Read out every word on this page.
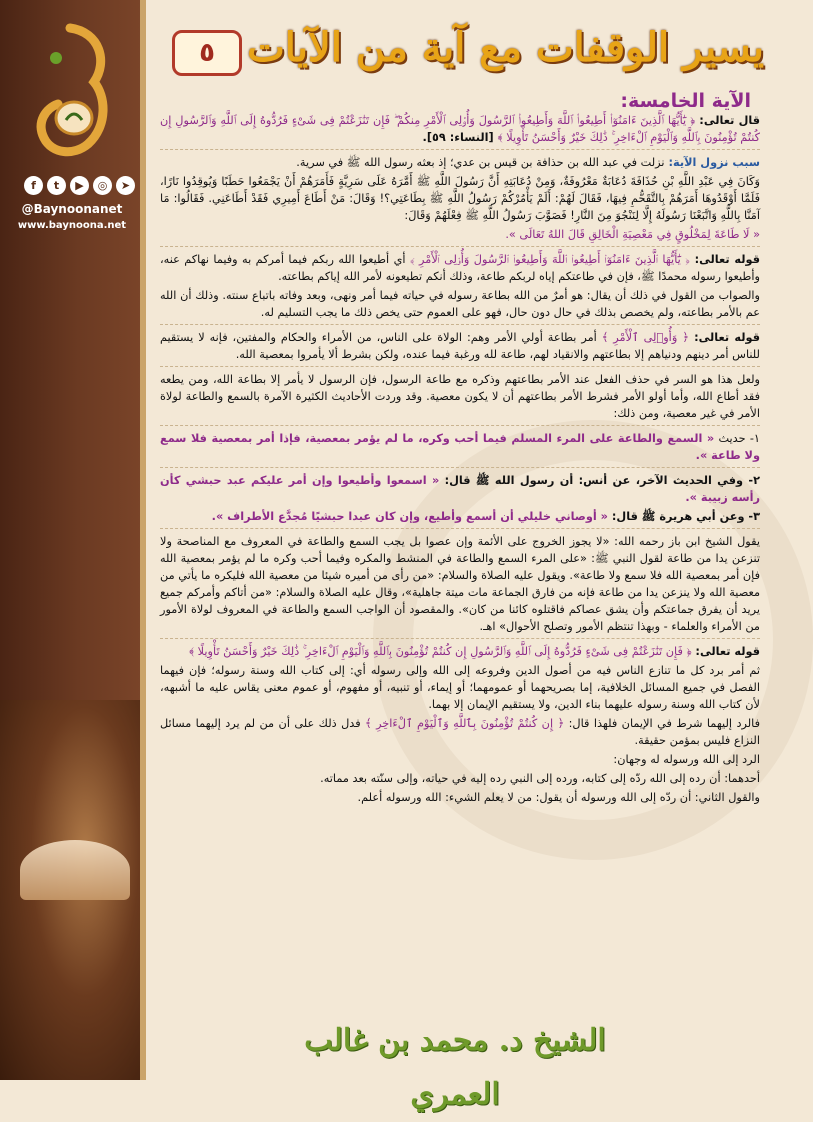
f	t	▶	◎	➤
@Baynoonanet
www.baynoona.net
٥ يسير الوقفات مع آية من الآيات
الآية الخامسة:

قال تعالى: ﴿ يَٰٓأَيُّهَا ٱلَّذِينَ ءَامَنُوٓا۟ أَطِيعُوا۟ ٱللَّهَ وَأَطِيعُوا۟ ٱلرَّسُولَ وَأُو۟لِى ٱلْأَمْرِ مِنكُمْ ۖ فَإِن تَنَٰزَعْتُمْ فِى شَىْءٍ فَرُدُّوهُ إِلَى ٱللَّهِ وَٱلرَّسُولِ إِن كُنتُمْ تُؤْمِنُونَ بِٱللَّهِ وَٱلْيَوْمِ ٱلْءَاخِرِ ۚ ذَٰلِكَ خَيْرٌ وَأَحْسَنُ تَأْوِيلًا ﴾ [النساء: ٥٩].

سبب نزول الآية: نزلت في عبد الله بن حذافة بن قيس بن عدي؛ إذ بعثه رسول الله ﷺ في سرية.

وَكَانَ فِي عَبْدِ اللَّهِ بْنِ حُذَافَةَ دُعَابَةٌ مَعْرُوفَةٌ، وَمِنْ دُعَابَتِهِ أَنَّ رَسُولَ اللَّهِ ﷺ أَمَّرَهُ عَلَى سَرِيَّةٍ فَأَمَرَهُمْ أَنْ يَجْمَعُوا حَطَبًا وَيُوقِدُوا نَارًا، فَلَمَّا أَوْقَدُوهَا أَمَرَهُمْ بِالتَّقَحُّمِ فِيهَا، فَقَالَ لَهُمْ: أَلَمْ يَأْمُرْكُمْ رَسُولُ اللَّهِ ﷺ بِطَاعَتِي؟! وَقَالَ: مَنْ أَطَاعَ أَمِيرِي فَقَدْ أَطَاعَنِي. فَقَالُوا: مَا آمَنَّا بِاللَّهِ وَاتَّبَعْنَا رَسُولَهُ إِلَّا لِنَنْجُوَ مِنَ النَّارِ! فَصَوَّبَ رَسُولُ اللَّهِ ﷺ فِعْلَهُمْ وَقَالَ:

« لَا طَاعَةَ لِمَخْلُوقٍ فِي مَعْصِيَةِ الْخَالِقِ قَالَ اللهُ تَعَالَى ».

قوله تعالى: ﴿ يَٰٓأَيُّهَا ٱلَّذِينَ ءَامَنُوٓا۟ أَطِيعُوا۟ ٱللَّهَ وَأَطِيعُوا۟ ٱلرَّسُولَ وَأُو۟لِى ٱلْأَمْرِ ﴾ أي أطيعوا الله ربكم فيما أمركم به وفيما نهاكم عنه، وأطيعوا رسوله محمدًا ﷺ، فإن في طاعتكم إياه لربكم طاعة، وذلك أنكم تطيعونه لأمر الله إياكم بطاعته.

والصواب من القول في ذلك أن يقال: هو أمرٌ من الله بطاعة رسوله في حياته فيما أمر ونهى، وبعد وفاته باتباع سنته. وذلك أن الله عم بالأمر بطاعته، ولم يخصص بذلك في حال دون حال، فهو على العموم حتى يخص ذلك ما يجب التسليم له.

قوله تعالى: ﴿ وَأُو۟لِى ٱلْأَمْرِ ﴾ أمر بطاعة أولي الأمر وهم: الولاة على الناس، من الأمراء والحكام والمفتين، فإنه لا يستقيم للناس أمر دينهم ودنياهم إلا بطاعتهم والانقياد لهم، طاعة لله ورغبة فيما عنده، ولكن بشرط ألا يأمروا بمعصية الله.

ولعل هذا هو السر في حذف الفعل عند الأمر بطاعتهم وذكره مع طاعة الرسول، فإن الرسول لا يأمر إلا بطاعة الله، ومن يطعه فقد أطاع الله، وأما أولو الأمر فشرط الأمر بطاعتهم أن لا يكون معصية. وقد وردت الأحاديث الكثيرة الآمرة بالسمع والطاعة لولاة الأمر في غير معصية، ومن ذلك:

١- حديث « السمع والطاعة على المرء المسلم فيما أحب وكره، ما لم يؤمر بمعصية، فإذا أمر بمعصية فلا سمع ولا طاعة ».

٢- وفي الحديث الآخر، عن أنس: أن رسول الله ﷺ قال: « اسمعوا وأطيعوا وإن أمر عليكم عبد حبشي كأن رأسه زبيبة ».

٣- وعن أبي هريرة ﷺ قال: « أوصاني خليلي أن أسمع وأطيع، وإن كان عبدا حبشيًا مُجدَّع الأطراف ».

يقول الشيخ ابن باز رحمه الله: «لا يجوز الخروج على الأئمة وإن عصوا بل يجب السمع والطاعة في المعروف مع المناصحة ولا تنزعن يدا من طاعة لقول النبي ﷺ: «على المرء السمع والطاعة في المنشط والمكره وفيما أحب وكره ما لم يؤمر بمعصية الله فإن أمر بمعصية الله فلا سمع ولا طاعة». ويقول عليه الصلاة والسلام: «من رأى من أميره شيئا من معصية الله فليكره ما يأتي من معصية الله ولا ينزعن يدا من طاعة فإنه من فارق الجماعة مات ميتة جاهلية»، وقال عليه الصلاة والسلام: «من أتاكم وأمركم جميع يريد أن يفرق جماعتكم وأن يشق عصاكم فاقتلوه كائنا من كان». والمقصود أن الواجب السمع والطاعة في المعروف لولاة الأمور من الأمراء والعلماء - وبهذا تنتظم الأمور وتصلح الأحوال» اهـ.

قوله تعالى: ﴿ فَإِن تَنَٰزَعْتُمْ فِى شَىْءٍ فَرُدُّوهُ إِلَى ٱللَّهِ وَٱلرَّسُولِ إِن كُنتُمْ تُؤْمِنُونَ بِٱللَّهِ وَٱلْيَوْمِ ٱلْءَاخِرِ ۚ ذَٰلِكَ خَيْرٌ وَأَحْسَنُ تَأْوِيلًا ﴾

ثم أمر برد كل ما تنازع الناس فيه من أصول الدين وفروعه إلى الله وإلى رسوله أي: إلى كتاب الله وسنة رسوله؛ فإن فيهما الفصل في جميع المسائل الخلافية، إما بصريحهما أو عمومهما؛ أو إيماء، أو تنبيه، أو مفهوم، أو عموم معنى يقاس عليه ما أشبهه، لأن كتاب الله وسنة رسوله عليهما بناء الدين، ولا يستقيم الإيمان إلا بهما.

فالرد إليهما شرط في الإيمان فلهذا قال: ﴿ إِن كُنتُمْ تُؤْمِنُونَ بِٱللَّهِ وَٱلْيَوْمِ ٱلْءَاخِرِ ﴾ فدل ذلك على أن من لم يرد إليهما مسائل النزاع فليس بمؤمن حقيقة.

الرد إلى الله ورسوله له وجهان:

أحدهما: أن رده إلى الله ردّه إلى كتابه، ورده إلى النبي رده إليه في حياته، وإلى سنّته بعد مماته.

والقول الثاني: أن ردّه إلى الله ورسوله أن يقول: من لا يعلم الشيء: الله ورسوله أعلم.

الشيخ د. محمد بن غالب العمري
